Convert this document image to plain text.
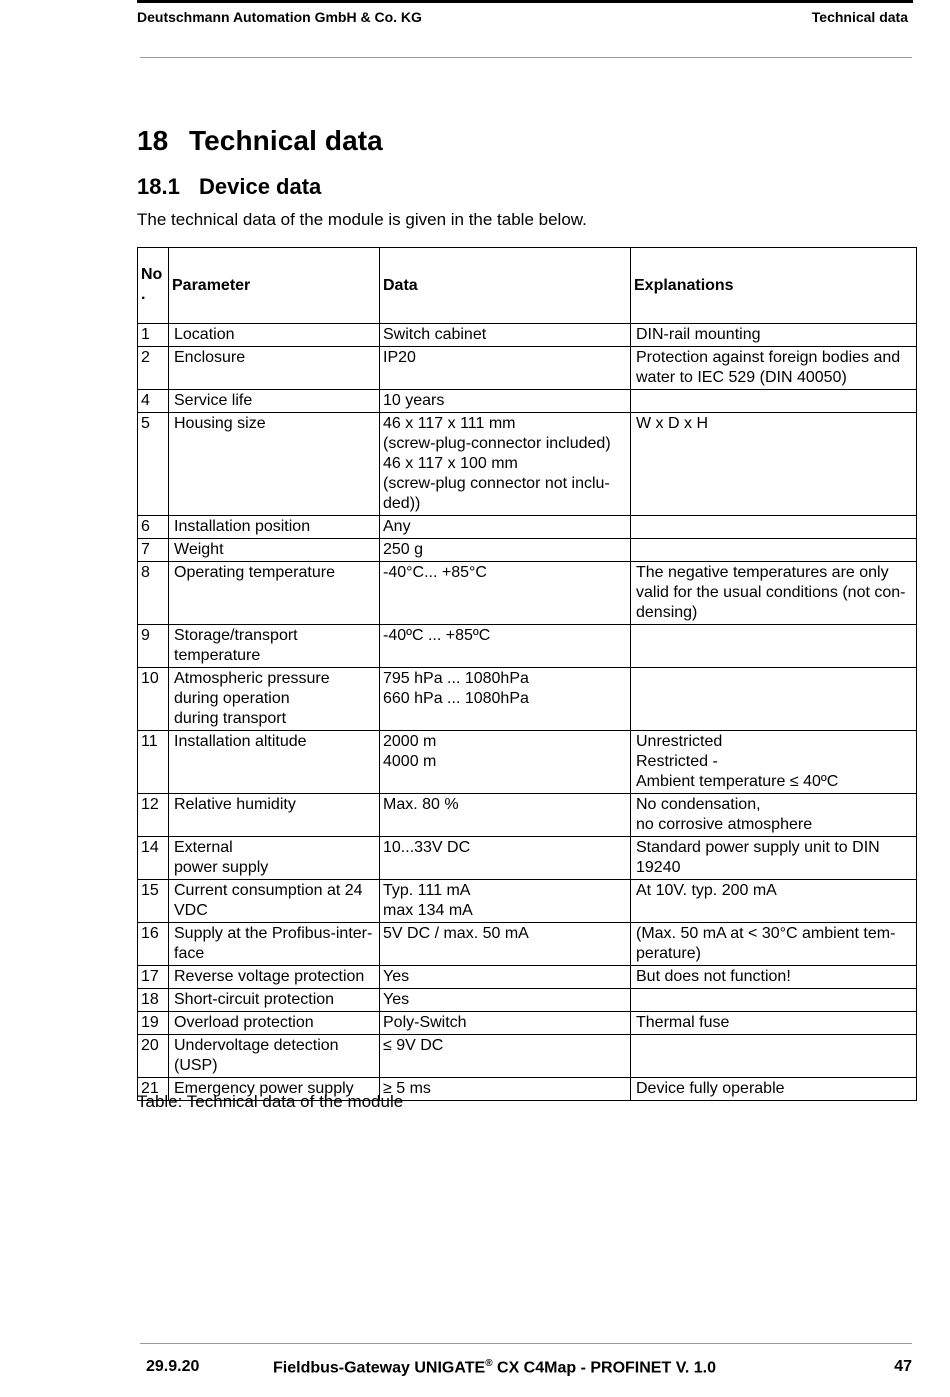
Deutschmann Automation GmbH & Co. KG	Technical data
18 Technical data
18.1 Device data
The technical data of the module is given in the table below.
No
.	Parameter	Data	Explanations
1	Location	Switch cabinet	DIN-rail mounting

2	Enclosure	IP20	Protection against foreign bodies and
water to IEC 529 (DIN 40050)

4	Service life	10 years	

5	Housing size	46 x 117 x 111 mm
(screw-plug-connector included)
46 x 117 x 100 mm
(screw-plug connector not inclu-
ded))	W x D x H

6	Installation position	Any	

7	Weight	250 g	

8	Operating temperature	-40°C... +85°C	The negative temperatures are only
valid for the usual conditions (not con-
densing)

9	Storage/transport
temperature	-40ºC ... +85ºC	

10	Atmospheric pressure
during operation
during transport	795 hPa ... 1080hPa
660 hPa ... 1080hPa	

11	Installation altitude	2000 m
4000 m	Unrestricted
Restricted -
Ambient temperature ≤ 40ºC

12	Relative humidity	Max. 80 %	No condensation,
no corrosive atmosphere

14	External
power supply	10...33V DC	Standard power supply unit to DIN
19240

15	Current consumption at 24
VDC	Typ. 111 mA
max 134 mA	At 10V. typ. 200 mA

16	Supply at the Profibus-inter-
face	5V DC / max. 50 mA	(Max. 50 mA at < 30°C ambient tem-
perature)

17	Reverse voltage protection	Yes	But does not function!

18	Short-circuit protection	Yes	

19	Overload protection	Poly-Switch	Thermal fuse

20	Undervoltage detection
(USP)	≤ 9V DC	

21	Emergency power supply	≥ 5 ms	Device fully operable
Table: Technical data of the module
29.9.20	Fieldbus-Gateway UNIGATE® CX C4Map - PROFINET V. 1.0	47
